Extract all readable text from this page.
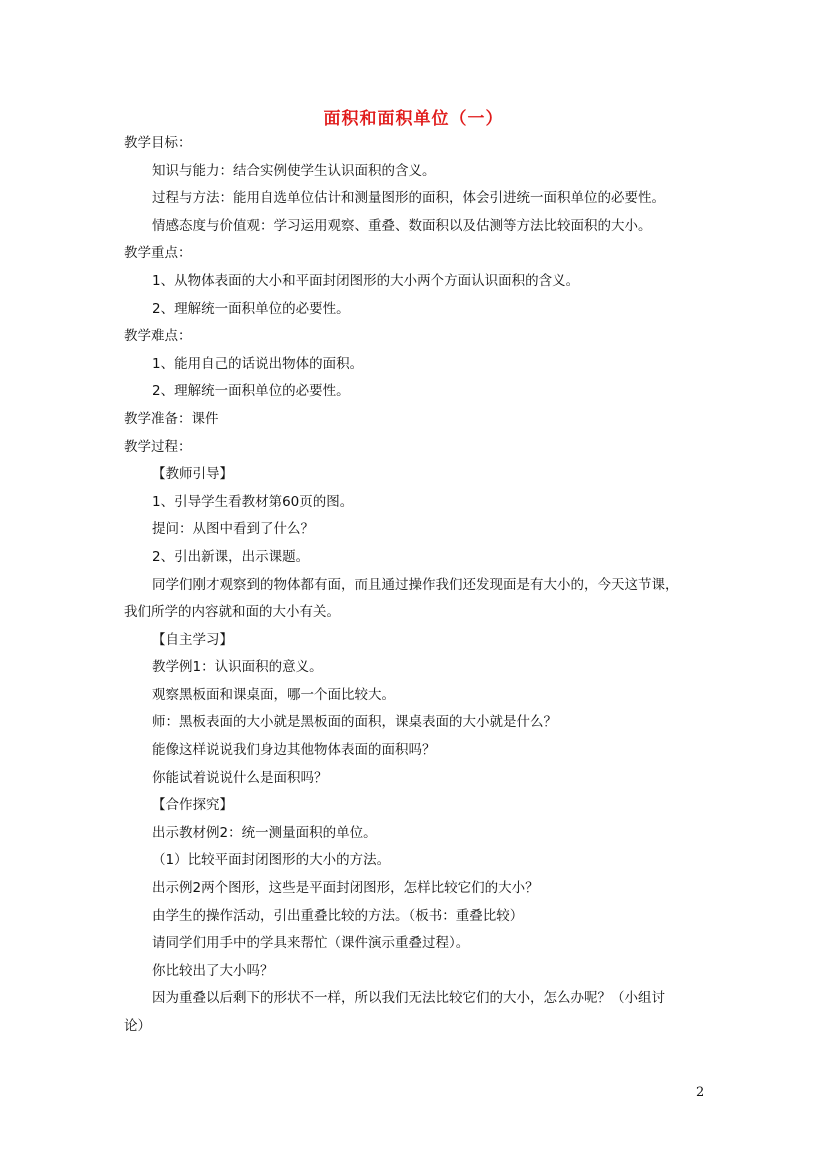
面积和面积单位（一）

教学目标：

知识与能力：结合实例使学生认识面积的含义。

过程与方法：能用自选单位估计和测量图形的面积，体会引进统一面积单位的必要性。

情感态度与价值观：学习运用观察、重叠、数面积以及估测等方法比较面积的大小。

教学重点：

1、从物体表面的大小和平面封闭图形的大小两个方面认识面积的含义。

2、理解统一面积单位的必要性。

教学难点：

1、能用自己的话说出物体的面积。

2、理解统一面积单位的必要性。

教学准备：课件

教学过程：

【教师引导】

1、引导学生看教材第60页的图。

提问：从图中看到了什么？

2、引出新课，出示课题。

同学们刚才观察到的物体都有面，而且通过操作我们还发现面是有大小的，今天这节课，

我们所学的内容就和面的大小有关。

【自主学习】

教学例1：认识面积的意义。

观察黑板面和课桌面，哪一个面比较大。

师：黑板表面的大小就是黑板面的面积，课桌表面的大小就是什么？

能像这样说说我们身边其他物体表面的面积吗？

你能试着说说什么是面积吗？

【合作探究】

出示教材例2：统一测量面积的单位。

（1）比较平面封闭图形的大小的方法。

出示例2两个图形，这些是平面封闭图形，怎样比较它们的大小？

由学生的操作活动，引出重叠比较的方法。（板书：重叠比较）

请同学们用手中的学具来帮忙（课件演示重叠过程）。

你比较出了大小吗？

因为重叠以后剩下的形状不一样，所以我们无法比较它们的大小，怎么办呢？（小组讨

论）

2
